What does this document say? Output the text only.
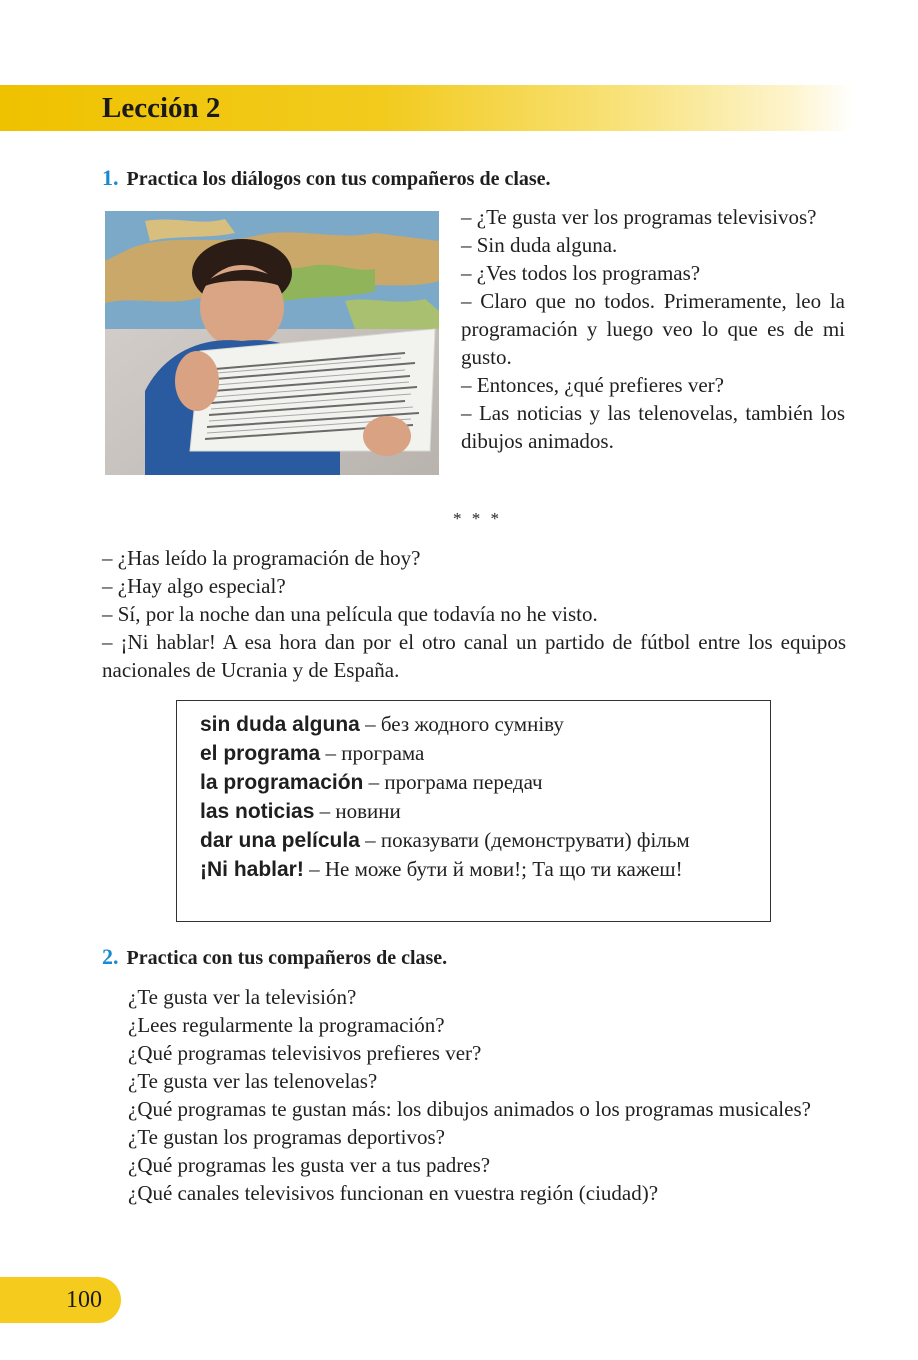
Lección 2
1. Practica los diálogos con tus compañeros de clase.

– ¿Te gusta ver los programas televisivos?

– Sin duda alguna.

– ¿Ves todos los programas?

– Claro que no todos. Primeramente, leo la programación y luego veo lo que es de mi gusto.

– Entonces, ¿qué prefieres ver?

– Las noticias y las telenovelas, también los dibujos animados.

* * *

– ¿Has leído la programación de hoy?

– ¿Hay algo especial?

– Sí, por la noche dan una película que todavía no he visto.

– ¡Ni hablar! A esa hora dan por el otro canal un partido de fútbol entre los equipos nacionales de Ucrania y de España.

sin duda alguna – без жодного сумніву

el programa – програма

la programación – програма передач

las noticias – новини

dar una película – показувати (демонструвати) фільм

¡Ni hablar! – Не може бути й мови!; Та що ти кажеш!

2. Practica con tus compañeros de clase.

¿Te gusta ver la televisión?

¿Lees regularmente la programación?

¿Qué programas televisivos prefieres ver?

¿Te gusta ver las telenovelas?

¿Qué programas te gustan más: los dibujos animados o los programas musicales?

¿Te gustan los programas deportivos?

¿Qué programas les gusta ver a tus padres?

¿Qué canales televisivos funcionan en vuestra región (ciudad)?

100
